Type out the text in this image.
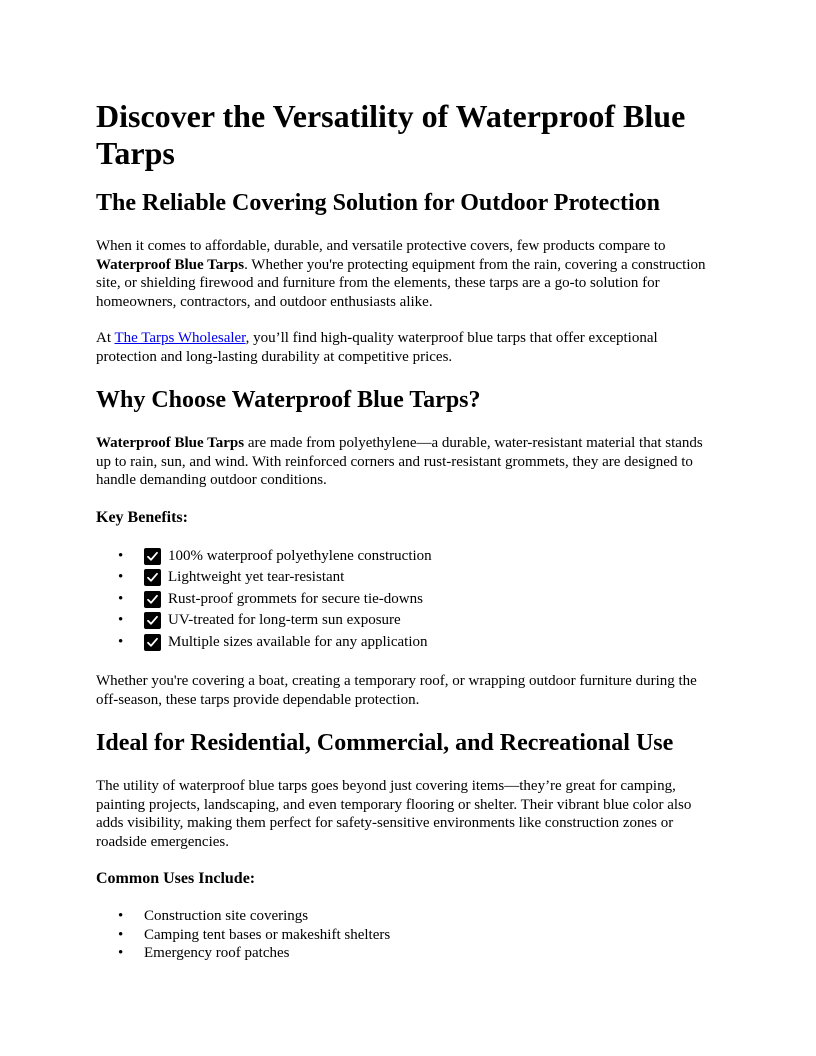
Discover the Versatility of Waterproof Blue Tarps
The Reliable Covering Solution for Outdoor Protection

When it comes to affordable, durable, and versatile protective covers, few products compare to Waterproof Blue Tarps. Whether you're protecting equipment from the rain, covering a construction site, or shielding firewood and furniture from the elements, these tarps are a go-to solution for homeowners, contractors, and outdoor enthusiasts alike.

At The Tarps Wholesaler, you’ll find high-quality waterproof blue tarps that offer exceptional protection and long-lasting durability at competitive prices.

Why Choose Waterproof Blue Tarps?

Waterproof Blue Tarps are made from polyethylene—a durable, water-resistant material that stands up to rain, sun, and wind. With reinforced corners and rust-resistant grommets, they are designed to handle demanding outdoor conditions.

Key Benefits:
•	100% waterproof polyethylene construction
•	Lightweight yet tear-resistant
•	Rust-proof grommets for secure tie-downs
•	UV-treated for long-term sun exposure
•	Multiple sizes available for any application

Whether you're covering a boat, creating a temporary roof, or wrapping outdoor furniture during the off-season, these tarps provide dependable protection.

Ideal for Residential, Commercial, and Recreational Use

The utility of waterproof blue tarps goes beyond just covering items—they’re great for camping, painting projects, landscaping, and even temporary flooring or shelter. Their vibrant blue color also adds visibility, making them perfect for safety-sensitive environments like construction zones or roadside emergencies.

Common Uses Include:
• Construction site coverings
• Camping tent bases or makeshift shelters
• Emergency roof patches
